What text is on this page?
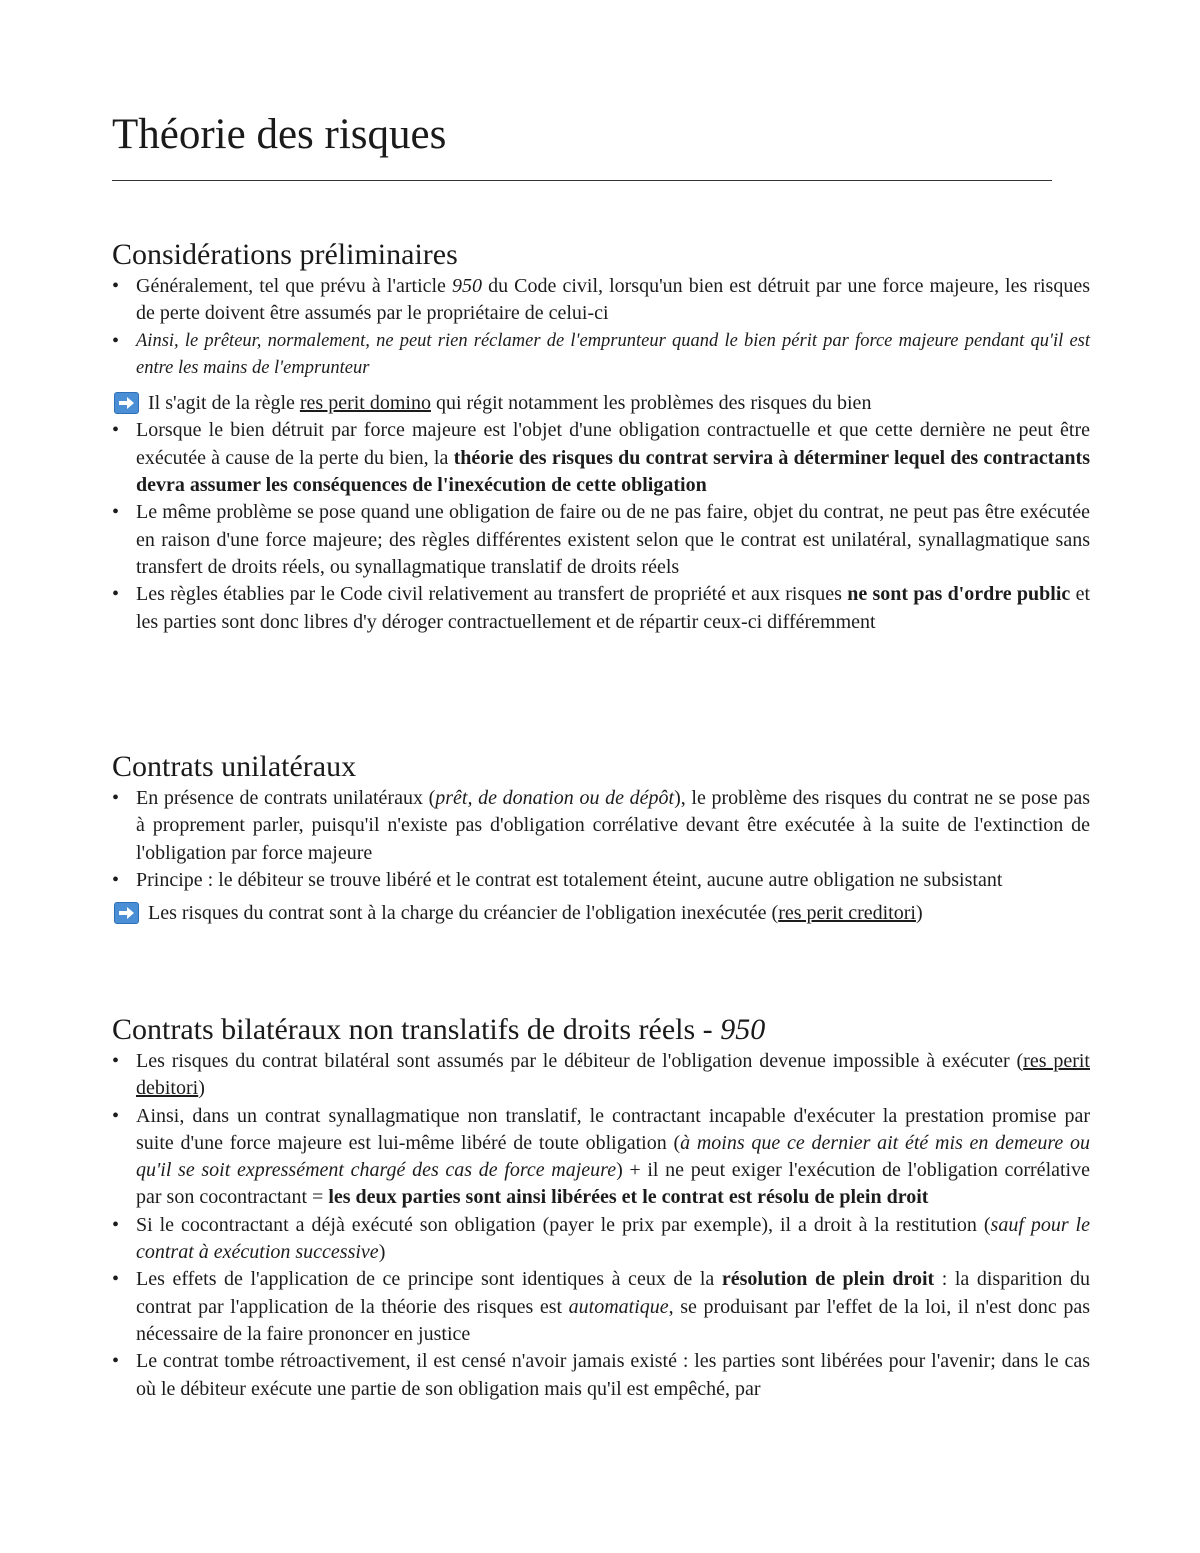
Théorie des risques
Considérations préliminaires
• Généralement, tel que prévu à l'article 950 du Code civil, lorsqu'un bien est détruit par une force majeure, les risques de perte doivent être assumés par le propriétaire de celui-ci
• Ainsi, le prêteur, normalement, ne peut rien réclamer de l'emprunteur quand le bien périt par force majeure pendant qu'il est entre les mains de l'emprunteur
Il s'agit de la règle res perit domino qui régit notamment les problèmes des risques du bien
• Lorsque le bien détruit par force majeure est l'objet d'une obligation contractuelle et que cette dernière ne peut être exécutée à cause de la perte du bien, la théorie des risques du contrat servira à déterminer lequel des contractants devra assumer les conséquences de l'inexécution de cette obligation
• Le même problème se pose quand une obligation de faire ou de ne pas faire, objet du contrat, ne peut pas être exécutée en raison d'une force majeure; des règles différentes existent selon que le contrat est unilatéral, synallagmatique sans transfert de droits réels, ou synallagmatique translatif de droits réels
• Les règles établies par le Code civil relativement au transfert de propriété et aux risques ne sont pas d'ordre public et les parties sont donc libres d'y déroger contractuellement et de répartir ceux-ci différemment
Contrats unilatéraux
• En présence de contrats unilatéraux (prêt, de donation ou de dépôt), le problème des risques du contrat ne se pose pas à proprement parler, puisqu'il n'existe pas d'obligation corrélative devant être exécutée à la suite de l'extinction de l'obligation par force majeure
• Principe : le débiteur se trouve libéré et le contrat est totalement éteint, aucune autre obligation ne subsistant
Les risques du contrat sont à la charge du créancier de l'obligation inexécutée (res perit creditori)
Contrats bilatéraux non translatifs de droits réels - 950
• Les risques du contrat bilatéral sont assumés par le débiteur de l'obligation devenue impossible à exécuter (res perit debitori)
• Ainsi, dans un contrat synallagmatique non translatif, le contractant incapable d'exécuter la prestation promise par suite d'une force majeure est lui-même libéré de toute obligation (à moins que ce dernier ait été mis en demeure ou qu'il se soit expressément chargé des cas de force majeure) + il ne peut exiger l'exécution de l'obligation corrélative par son cocontractant = les deux parties sont ainsi libérées et le contrat est résolu de plein droit
• Si le cocontractant a déjà exécuté son obligation (payer le prix par exemple), il a droit à la restitution (sauf pour le contrat à exécution successive)
• Les effets de l'application de ce principe sont identiques à ceux de la résolution de plein droit : la disparition du contrat par l'application de la théorie des risques est automatique, se produisant par l'effet de la loi, il n'est donc pas nécessaire de la faire prononcer en justice
• Le contrat tombe rétroactivement, il est censé n'avoir jamais existé : les parties sont libérées pour l'avenir; dans le cas où le débiteur exécute une partie de son obligation mais qu'il est empêché, par
